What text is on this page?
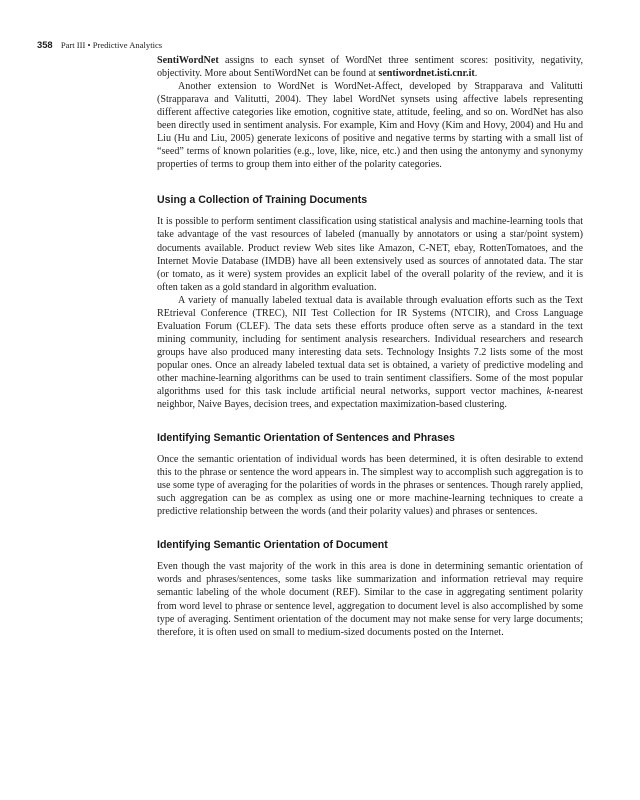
358 Part III • Predictive Analytics

SentiWordNet assigns to each synset of WordNet three sentiment scores: positivity, negativity, objectivity. More about SentiWordNet can be found at sentiwordnet.isti.cnr.it.

Another extension to WordNet is WordNet-Affect, developed by Strapparava and Valitutti (Strapparava and Valitutti, 2004). They label WordNet synsets using affective labels representing different affective categories like emotion, cognitive state, attitude, feeling, and so on. WordNet has also been directly used in sentiment analysis. For example, Kim and Hovy (Kim and Hovy, 2004) and Hu and Liu (Hu and Liu, 2005) generate lexicons of positive and negative terms by starting with a small list of “seed” terms of known polarities (e.g., love, like, nice, etc.) and then using the antonymy and synonymy properties of terms to group them into either of the polarity categories.

Using a Collection of Training Documents

It is possible to perform sentiment classification using statistical analysis and machine-learning tools that take advantage of the vast resources of labeled (manually by annotators or using a star/point system) documents available. Product review Web sites like Amazon, C-NET, ebay, RottenTomatoes, and the Internet Movie Database (IMDB) have all been extensively used as sources of annotated data. The star (or tomato, as it were) system provides an explicit label of the overall polarity of the review, and it is often taken as a gold standard in algorithm evaluation.

A variety of manually labeled textual data is available through evaluation efforts such as the Text REtrieval Conference (TREC), NII Test Collection for IR Systems (NTCIR), and Cross Language Evaluation Forum (CLEF). The data sets these efforts produce often serve as a standard in the text mining community, including for sentiment analysis researchers. Individual researchers and research groups have also produced many interesting data sets. Technology Insights 7.2 lists some of the most popular ones. Once an already labeled textual data set is obtained, a variety of predictive modeling and other machine-learning algorithms can be used to train sentiment classifiers. Some of the most popular algorithms used for this task include artificial neural networks, support vector machines, k-nearest neighbor, Naive Bayes, decision trees, and expectation maximization-based clustering.

Identifying Semantic Orientation of Sentences and Phrases

Once the semantic orientation of individual words has been determined, it is often desirable to extend this to the phrase or sentence the word appears in. The simplest way to accomplish such aggregation is to use some type of averaging for the polarities of words in the phrases or sentences. Though rarely applied, such aggregation can be as complex as using one or more machine-learning techniques to create a predictive relationship between the words (and their polarity values) and phrases or sentences.

Identifying Semantic Orientation of Document

Even though the vast majority of the work in this area is done in determining semantic orientation of words and phrases/sentences, some tasks like summarization and information retrieval may require semantic labeling of the whole document (REF). Similar to the case in aggregating sentiment polarity from word level to phrase or sentence level, aggregation to document level is also accomplished by some type of averaging. Sentiment orientation of the document may not make sense for very large documents; therefore, it is often used on small to medium-sized documents posted on the Internet.
